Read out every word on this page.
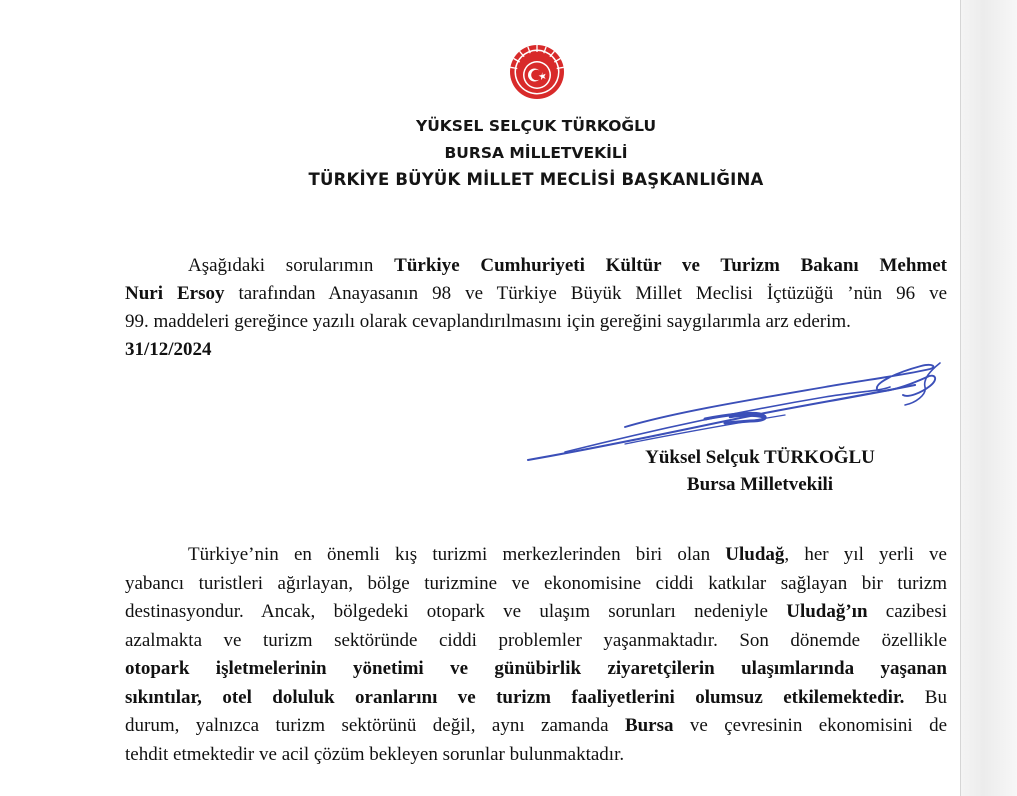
YÜKSEL SELÇUK TÜRKOĞLU
BURSA MİLLETVEKİLİ
TÜRKİYE BÜYÜK MİLLET MECLİSİ BAŞKANLIĞINA
Aşağıdaki sorularımın Türkiye Cumhuriyeti Kültür ve Turizm Bakanı Mehmet
Nuri Ersoy tarafından Anayasanın 98 ve Türkiye Büyük Millet Meclisi İçtüzüğü ’nün 96 ve
99. maddeleri gereğince yazılı olarak cevaplandırılmasını için gereğini saygılarımla arz ederim.
31/12/2024
Yüksel Selçuk TÜRKOĞLU
Bursa Milletvekili
Türkiye’nin en önemli kış turizmi merkezlerinden biri olan Uludağ, her yıl yerli ve
yabancı turistleri ağırlayan, bölge turizmine ve ekonomisine ciddi katkılar sağlayan bir turizm
destinasyondur. Ancak, bölgedeki otopark ve ulaşım sorunları nedeniyle Uludağ’ın cazibesi
azalmakta ve turizm sektöründe ciddi problemler yaşanmaktadır. Son dönemde özellikle
otopark işletmelerinin yönetimi ve günübirlik ziyaretçilerin ulaşımlarında yaşanan
sıkıntılar, otel doluluk oranlarını ve turizm faaliyetlerini olumsuz etkilemektedir. Bu
durum, yalnızca turizm sektörünü değil, aynı zamanda Bursa ve çevresinin ekonomisini de
tehdit etmektedir ve acil çözüm bekleyen sorunlar bulunmaktadır.
